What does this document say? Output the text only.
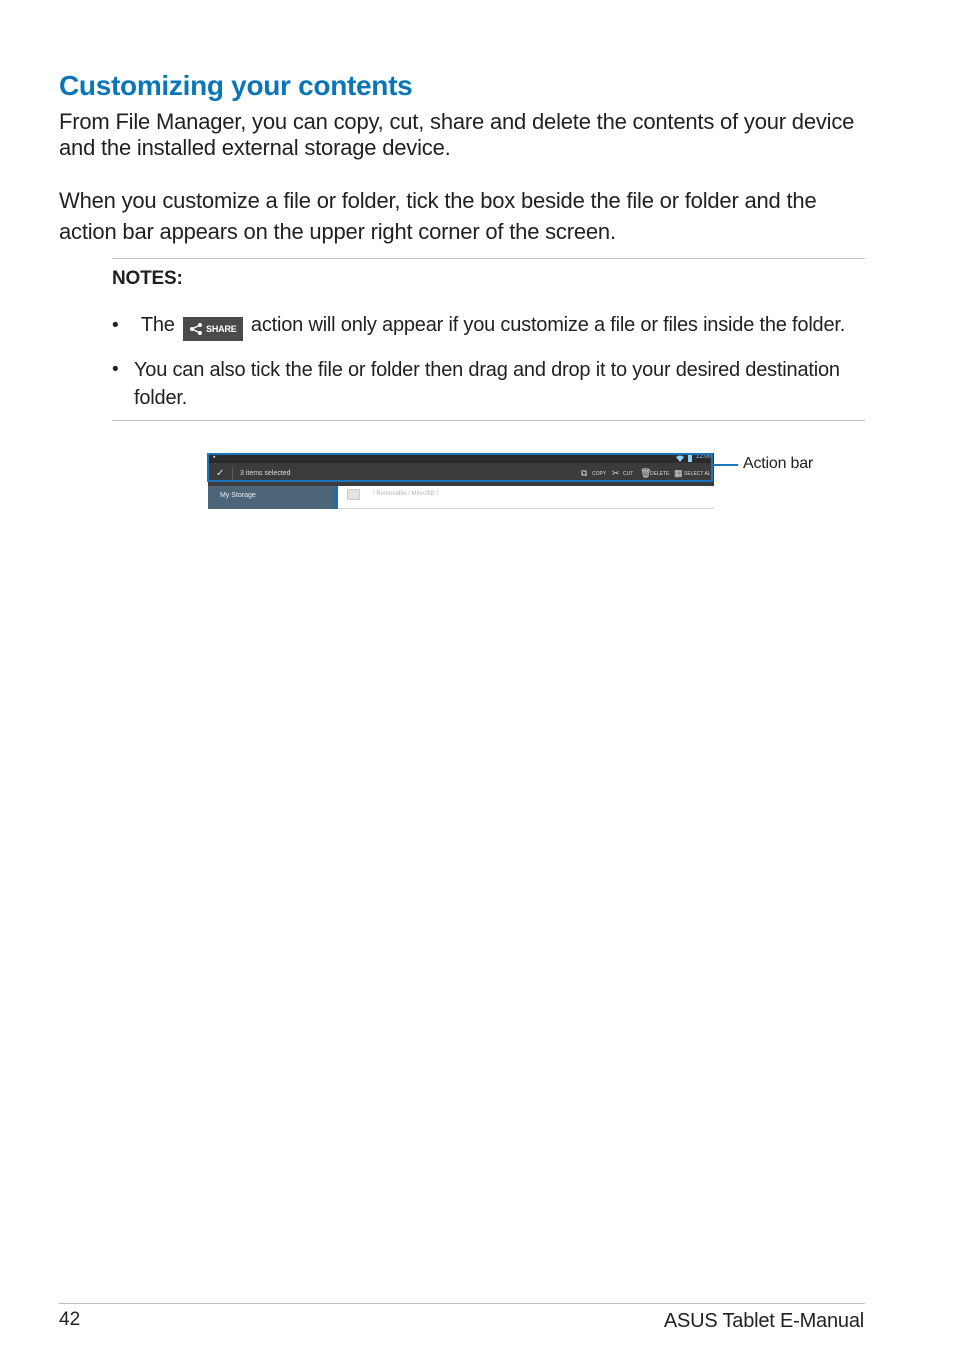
Customizing your contents

From File Manager, you can copy, cut, share and delete the contents of your device and the installed external storage device.

When you customize a file or folder, tick the box beside the file or folder and the action bar appears on the upper right corner of the screen.

NOTES:
• The	SHARE action will only appear if you customize a file or files inside the folder.
• You can also tick the file or folder then drag and drop it to your desired destination folder.
▪	12:00
✓ 3 items selected	⧉ COPY ✂ CUT 🗑
DELETE ▦ SELECT ALL
My Storage	/ Removable / MicroSD /
Action bar
42	ASUS Tablet E-Manual
